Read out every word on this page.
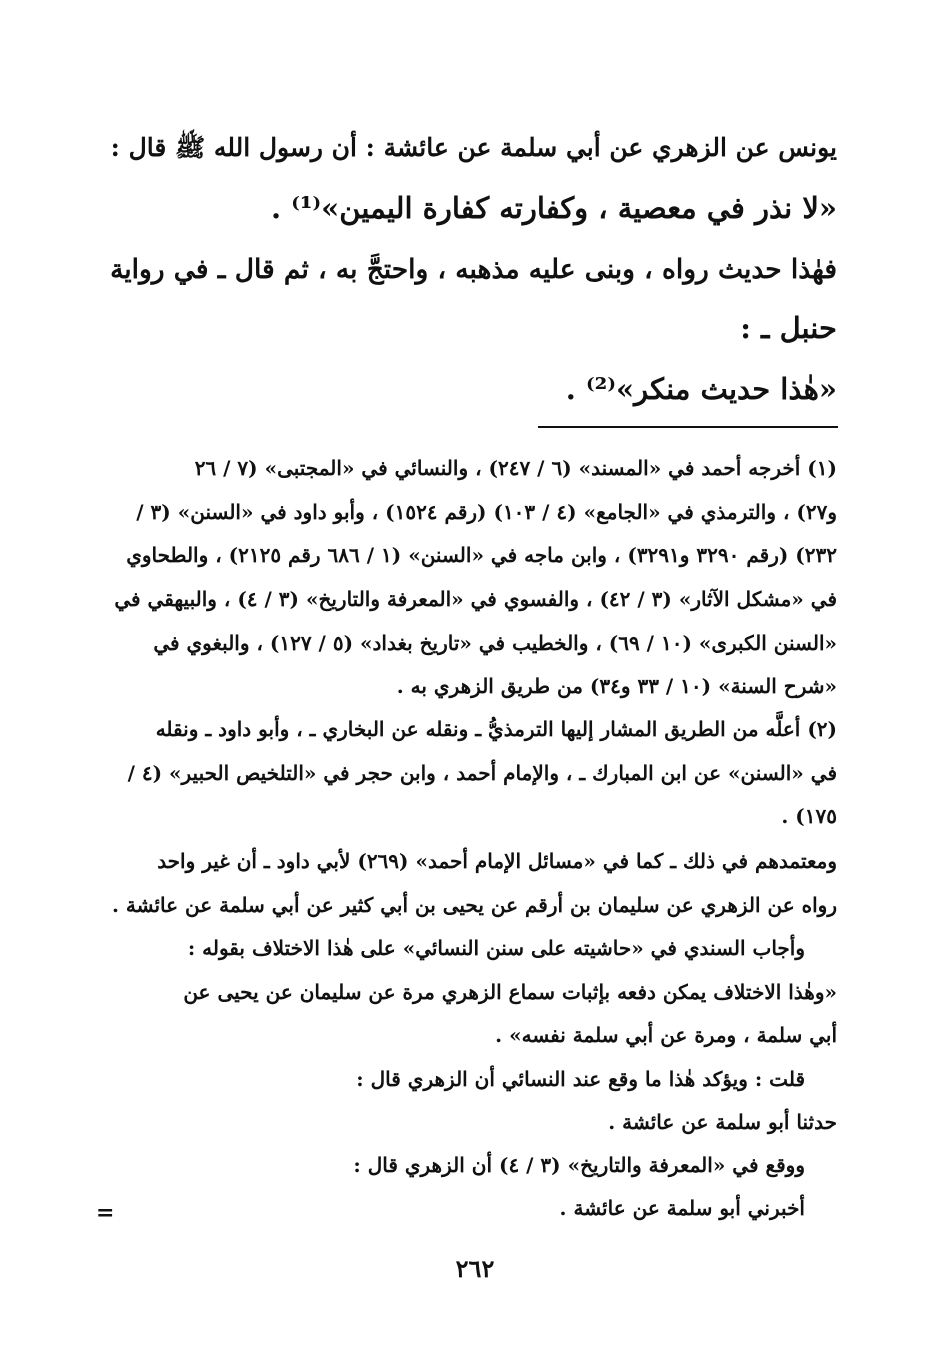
يونس عن الزهري عن أبي سلمة عن عائشة : أن رسول الله ﷺ قال :

«لا نذر في معصية ، وكفارته كفارة اليمين»⁽¹⁾ .

فهٰذا حديث رواه ، وبنى عليه مذهبه ، واحتجَّ به ، ثم قال ـ في رواية

حنبل ـ :

«هٰذا حديث منكر»⁽²⁾ .

(١) أخرجه أحمد في «المسند» (٦ / ٢٤٧) ، والنسائي في «المجتبى» (٧ / ٢٦

و٢٧) ، والترمذي في «الجامع» (٤ / ١٠٣) (رقم ١٥٢٤) ، وأبو داود في «السنن» (٣ /

٢٣٢) (رقم ٣٢٩٠ و٣٢٩١) ، وابن ماجه في «السنن» (١ / ٦٨٦ رقم ٢١٢٥) ، والطحاوي

في «مشكل الآثار» (٣ / ٤٢) ، والفسوي في «المعرفة والتاريخ» (٣ / ٤) ، والبيهقي في

«السنن الكبرى» (١٠ / ٦٩) ، والخطيب في «تاريخ بغداد» (٥ / ١٢٧) ، والبغوي في

«شرح السنة» (١٠ / ٣٣ و٣٤) من طريق الزهري به .

(٢) أعلَّه من الطريق المشار إليها الترمذيُّ ـ ونقله عن البخاري ـ ، وأبو داود ـ ونقله

في «السنن» عن ابن المبارك ـ ، والإمام أحمد ، وابن حجر في «التلخيص الحبير» (٤ /

١٧٥) .

ومعتمدهم في ذلك ـ كما في «مسائل الإمام أحمد» (٢٦٩) لأبي داود ـ أن غير واحد

رواه عن الزهري عن سليمان بن أرقم عن يحيى بن أبي كثير عن أبي سلمة عن عائشة .

وأجاب السندي في «حاشيته على سنن النسائي» على هٰذا الاختلاف بقوله :

«وهٰذا الاختلاف يمكن دفعه بإثبات سماع الزهري مرة عن سليمان عن يحيى عن

أبي سلمة ، ومرة عن أبي سلمة نفسه» .

قلت : ويؤكد هٰذا ما وقع عند النسائي أن الزهري قال :

حدثنا أبو سلمة عن عائشة .

ووقع في «المعرفة والتاريخ» (٣ / ٤) أن الزهري قال :

أخبرني أبو سلمة عن عائشة .

=
٢٦٢
